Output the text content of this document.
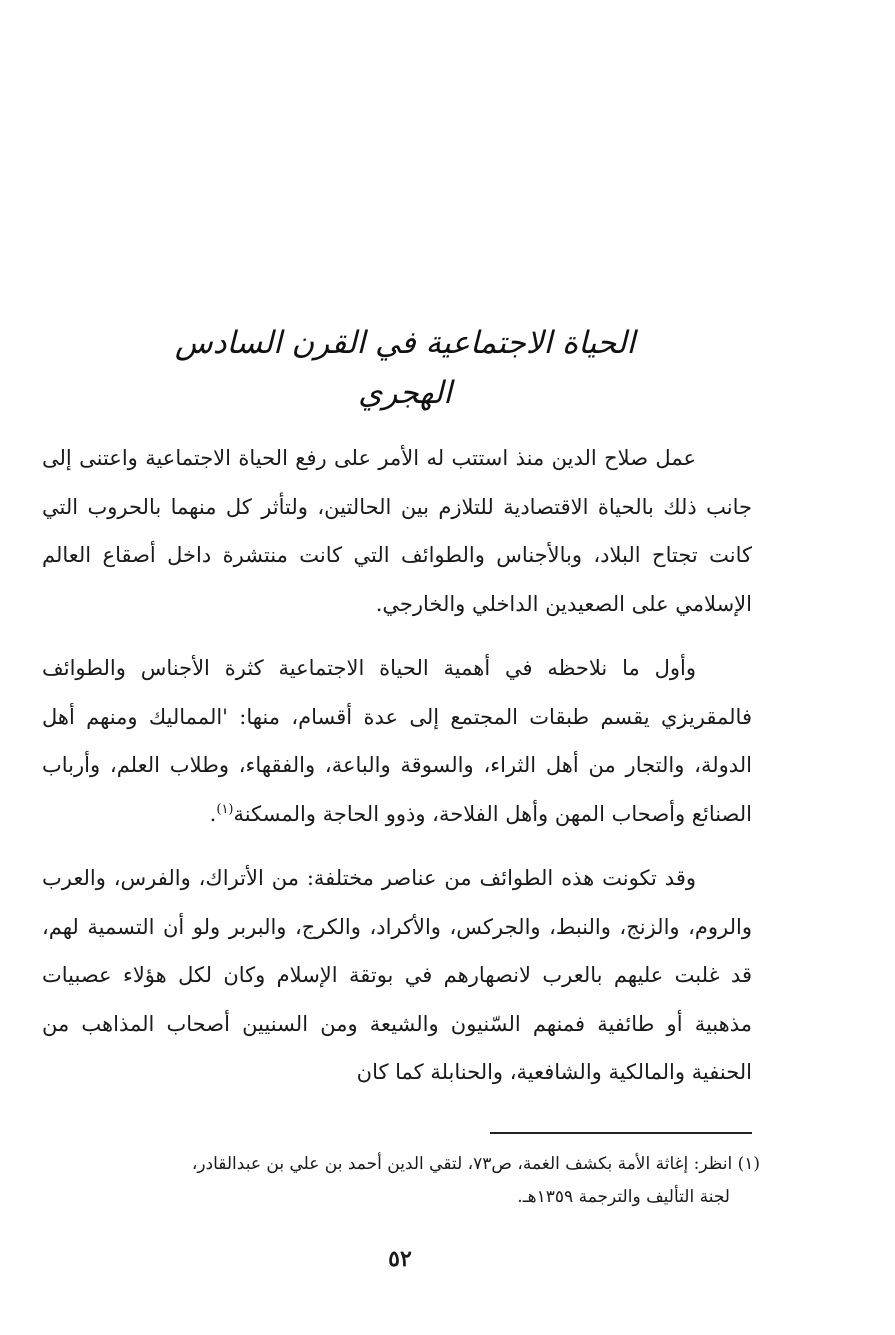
الحياة الاجتماعية في القرن السادس الهجري

عمل صلاح الدين منذ استتب له الأمر على رفع الحياة الاجتماعية واعتنى إلى جانب ذلك بالحياة الاقتصادية للتلازم بين الحالتين، ولتأثر كل منهما بالحروب التي كانت تجتاح البلاد، وبالأجناس والطوائف التي كانت منتشرة داخل أصقاع العالم الإسلامي على الصعيدين الداخلي والخارجي.

وأول ما نلاحظه في أهمية الحياة الاجتماعية كثرة الأجناس والطوائف فالمقريزي يقسم طبقات المجتمع إلى عدة أقسام، منها: 'المماليك ومنهم أهل الدولة، والتجار من أهل الثراء، والسوقة والباعة، والفقهاء، وطلاب العلم، وأرباب الصنائع وأصحاب المهن وأهل الفلاحة، وذوو الحاجة والمسكنة$^{(١)}$.

وقد تكونت هذه الطوائف من عناصر مختلفة: من الأتراك، والفرس، والعرب والروم، والزنج، والنبط، والجركس، والأكراد، والكرج، والبربر ولو أن التسمية لهم، قد غلبت عليهم بالعرب لانصهارهم في بوتقة الإسلام وكان لكل هؤلاء عصبيات مذهبية أو طائفية فمنهم السّنيون والشيعة ومن السنيين أصحاب المذاهب من الحنفية والمالكية والشافعية، والحنابلة كما كان

(١) انظر: إغاثة الأمة بكشف الغمة، ص٧٣، لتقي الدين أحمد بن علي بن عبدالقادر،
لجنة التأليف والترجمة ١٣٥٩هـ.
٥٢
